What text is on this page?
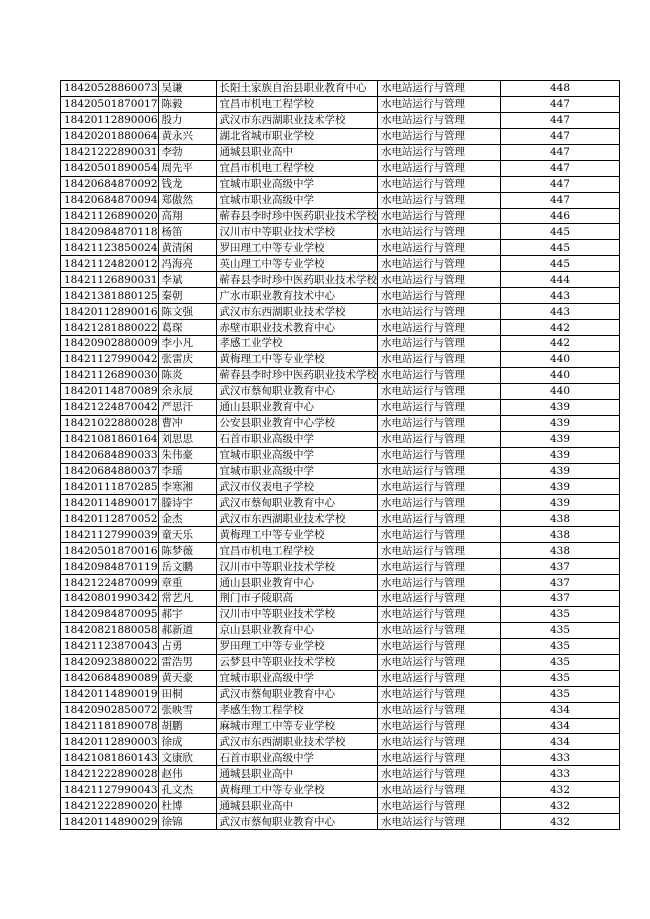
18420528860073	吴谦	长阳土家族自治县职业教育中心	水电站运行与管理	448
18420501870017	陈毅	宜昌市机电工程学校	水电站运行与管理	447
18420112890006	殷力	武汉市东西湖职业技术学校	水电站运行与管理	447
18420201880064	黄永兴	湖北省城市职业学校	水电站运行与管理	447
18421222890031	李勃	通城县职业高中	水电站运行与管理	447
18420501890054	周先平	宜昌市机电工程学校	水电站运行与管理	447
18420684870092	钱龙	宜城市职业高级中学	水电站运行与管理	447
18420684870094	郑傲然	宜城市职业高级中学	水电站运行与管理	447
18421126890020	高翔	蕲春县李时珍中医药职业技术学校	水电站运行与管理	446
18420984870118	杨笛	汉川市中等职业技术学校	水电站运行与管理	445
18421123850024	黄清闲	罗田理工中等专业学校	水电站运行与管理	445
18421124820012	冯海亮	英山理工中等专业学校	水电站运行与管理	445
18421126890031	李斌	蕲春县李时珍中医药职业技术学校	水电站运行与管理	444
18421381880125	秦朝	广水市职业教育技术中心	水电站运行与管理	443
18420112890016	陈文强	武汉市东西湖职业技术学校	水电站运行与管理	443
18421281880022	葛琛	赤壁市职业技术教育中心	水电站运行与管理	442
18420902880009	李小凡	孝感工业学校	水电站运行与管理	442
18421127990042	张雷庆	黄梅理工中等专业学校	水电站运行与管理	440
18421126890030	陈炎	蕲春县李时珍中医药职业技术学校	水电站运行与管理	440
18420114870089	余永辰	武汉市蔡甸职业教育中心	水电站运行与管理	440
18421224870042	严思汗	通山县职业教育中心	水电站运行与管理	439
18421022880028	曹冲	公安县职业教育中心学校	水电站运行与管理	439
18421081860164	刘思思	石首市职业高级中学	水电站运行与管理	439
18420684890033	朱伟豪	宜城市职业高级中学	水电站运行与管理	439
18420684880037	李瑶	宜城市职业高级中学	水电站运行与管理	439
18420111870285	李寒湘	武汉市仪表电子学校	水电站运行与管理	439
18420114890017	滕诗宇	武汉市蔡甸职业教育中心	水电站运行与管理	439
18420112870052	金杰	武汉市东西湖职业技术学校	水电站运行与管理	438
18421127990039	童天乐	黄梅理工中等专业学校	水电站运行与管理	438
18420501870016	陈梦薇	宜昌市机电工程学校	水电站运行与管理	438
18420984870119	岳文鹏	汉川市中等职业技术学校	水电站运行与管理	437
18421224870099	章重	通山县职业教育中心	水电站运行与管理	437
18420801990342	常艺凡	荆门市子陵职高	水电站运行与管理	437
18420984870095	郝宇	汉川市中等职业技术学校	水电站运行与管理	435
18420821880058	郝新道	京山县职业教育中心	水电站运行与管理	435
18421123870043	占勇	罗田理工中等专业学校	水电站运行与管理	435
18420923880022	雷浩男	云梦县中等职业技术学校	水电站运行与管理	435
18420684890089	黄天豪	宜城市职业高级中学	水电站运行与管理	435
18420114890019	田桐	武汉市蔡甸职业教育中心	水电站运行与管理	435
18420902850072	张映雪	孝感生物工程学校	水电站运行与管理	434
18421181890078	胡鹏	麻城市理工中等专业学校	水电站运行与管理	434
18420112890003	徐成	武汉市东西湖职业技术学校	水电站运行与管理	434
18421081860143	文康欣	石首市职业高级中学	水电站运行与管理	433
18421222890028	赵伟	通城县职业高中	水电站运行与管理	433
18421127990043	孔文杰	黄梅理工中等专业学校	水电站运行与管理	432
18421222890020	杜博	通城县职业高中	水电站运行与管理	432
18420114890029	徐锦	武汉市蔡甸职业教育中心	水电站运行与管理	432
